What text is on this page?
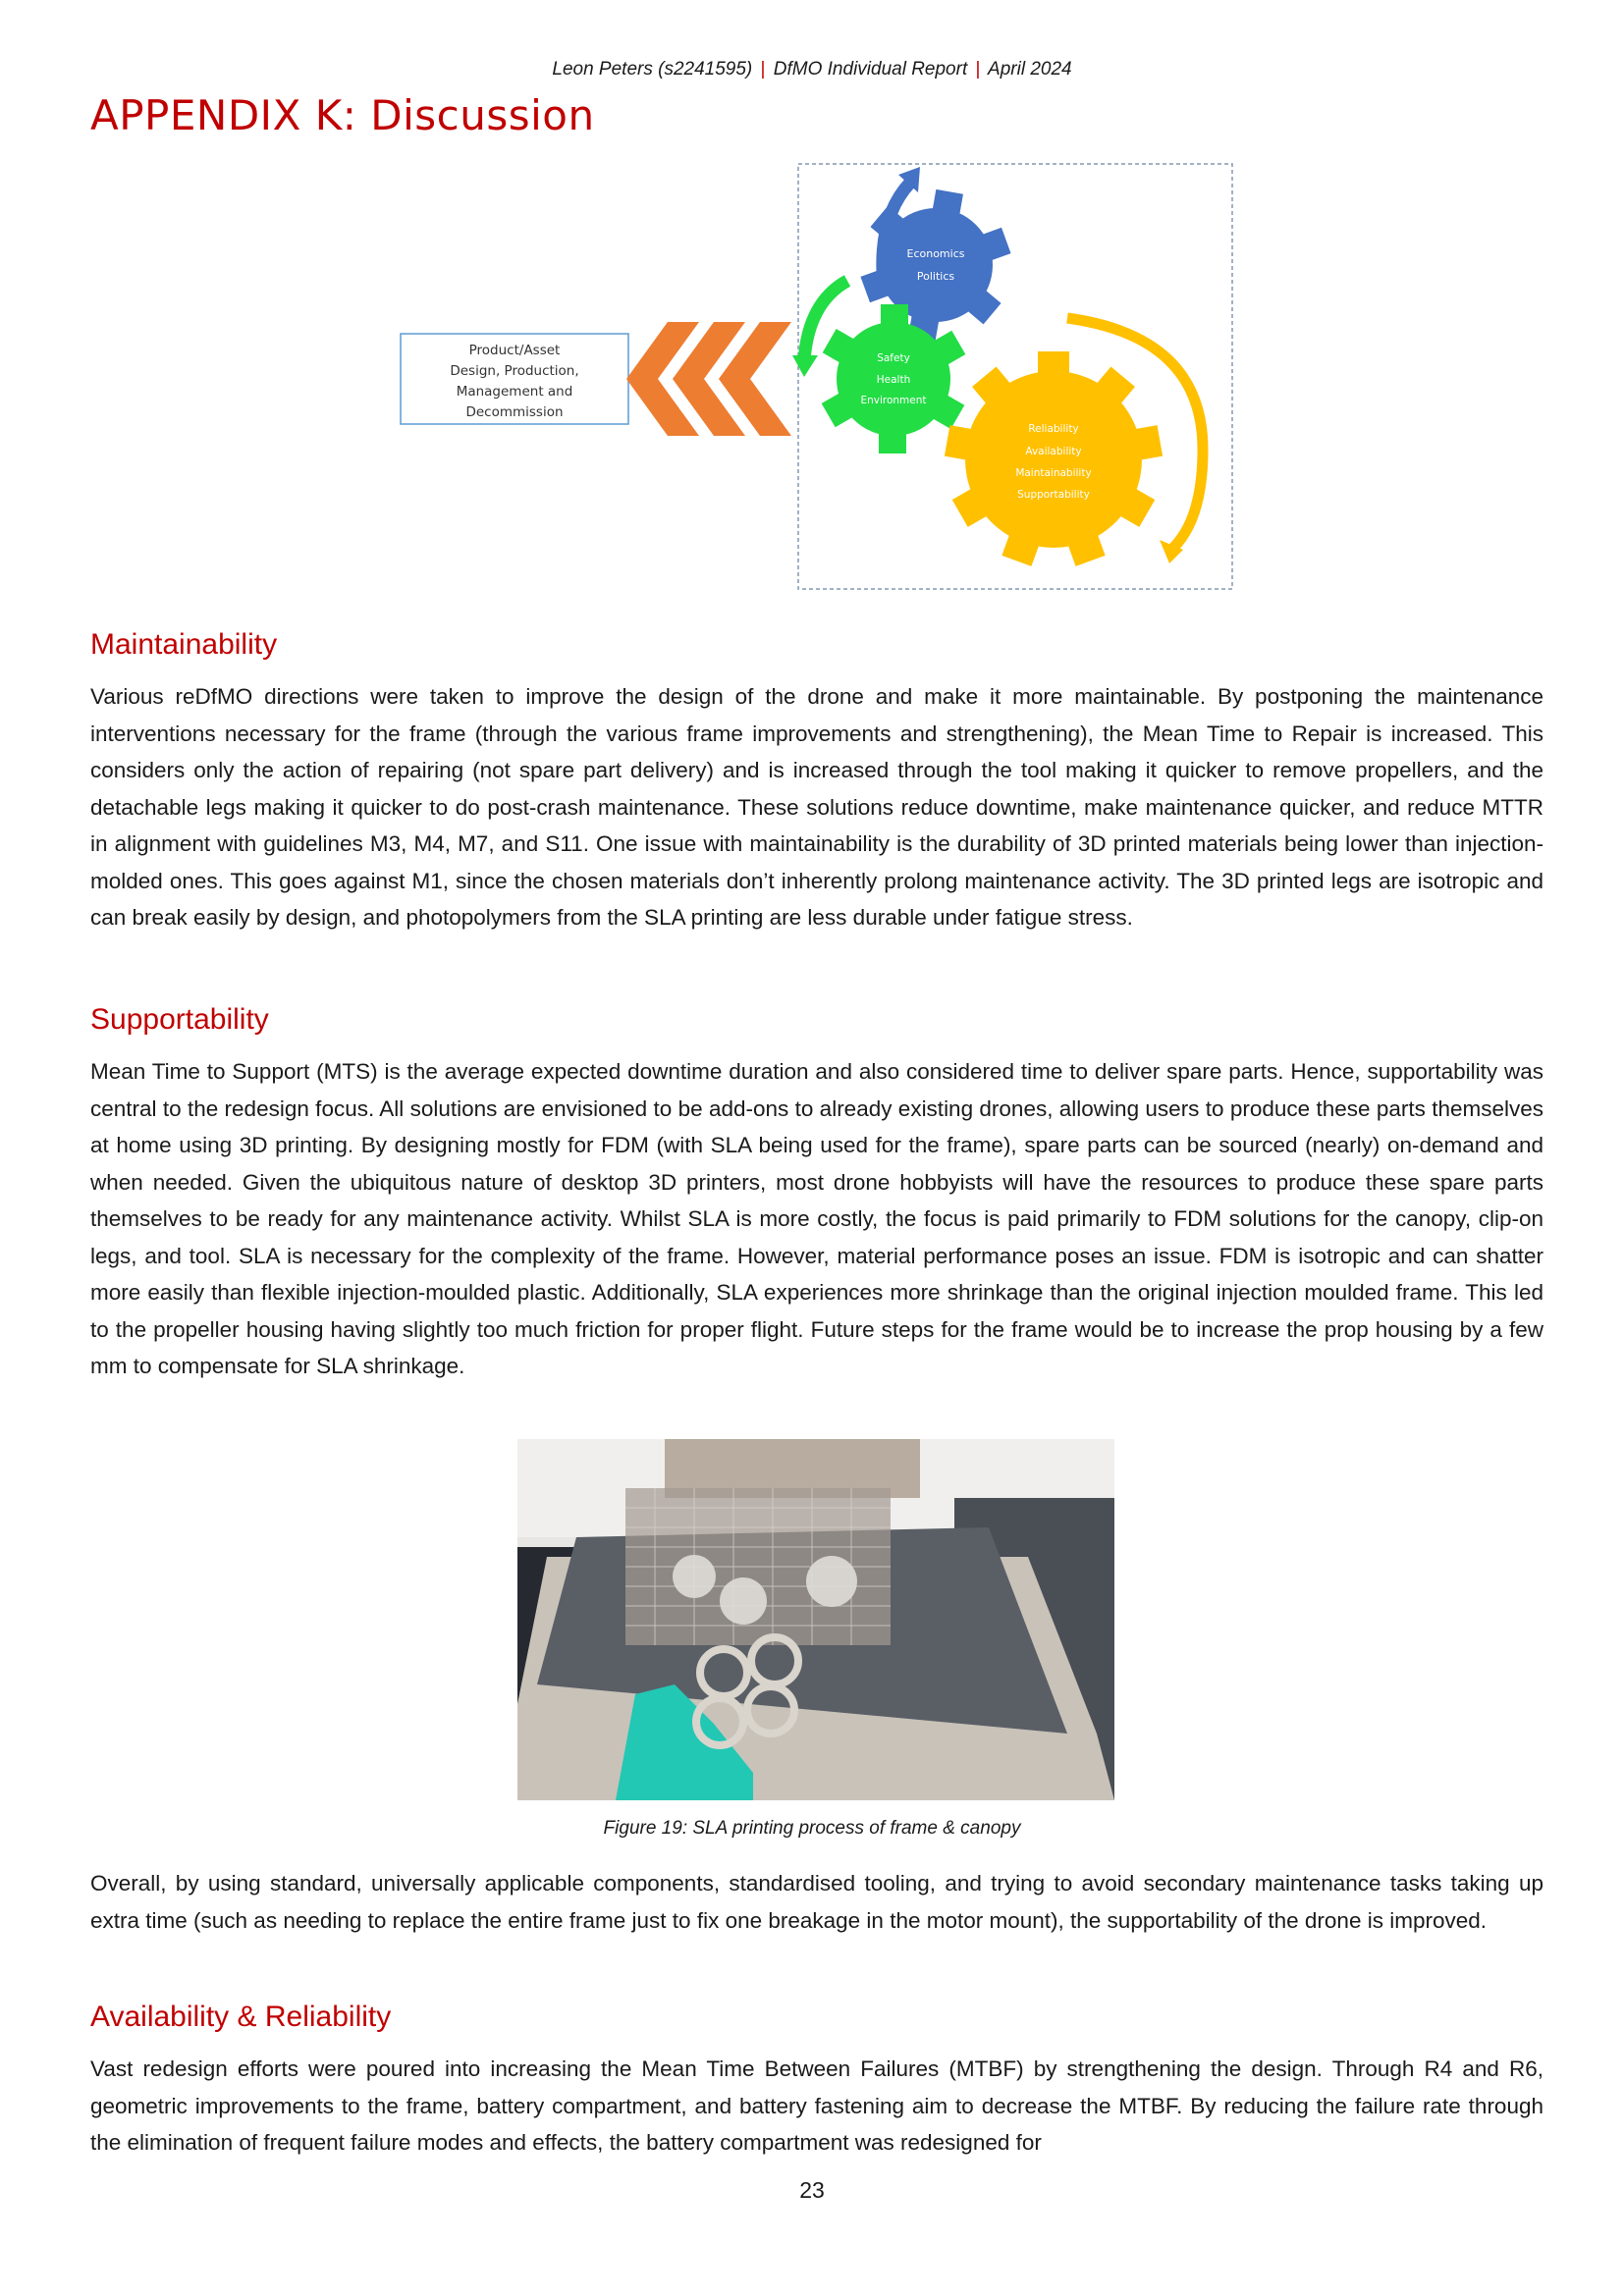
Leon Peters (s2241595) | DfMO Individual Report | April 2024
APPENDIX K: Discussion
Product/Asset
Design, Production,
Management and
Decommission
Economics
Politics
Safety
Health
Environment
Reliability
Availability
Maintainability
Supportability
Maintainability

Various reDfMO directions were taken to improve the design of the drone and make it more maintainable. By postponing the maintenance interventions necessary for the frame (through the various frame improvements and strengthening), the Mean Time to Repair is increased. This considers only the action of repairing (not spare part delivery) and is increased through the tool making it quicker to remove propellers, and the detachable legs making it quicker to do post-crash maintenance. These solutions reduce downtime, make maintenance quicker, and reduce MTTR in alignment with guidelines M3, M4, M7, and S11. One issue with maintainability is the durability of 3D printed materials being lower than injection-molded ones. This goes against M1, since the chosen materials don’t inherently prolong maintenance activity. The 3D printed legs are isotropic and can break easily by design, and photopolymers from the SLA printing are less durable under fatigue stress.

Supportability

Mean Time to Support (MTS) is the average expected downtime duration and also considered time to deliver spare parts. Hence, supportability was central to the redesign focus. All solutions are envisioned to be add-ons to already existing drones, allowing users to produce these parts themselves at home using 3D printing. By designing mostly for FDM (with SLA being used for the frame), spare parts can be sourced (nearly) on-demand and when needed. Given the ubiquitous nature of desktop 3D printers, most drone hobbyists will have the resources to produce these spare parts themselves to be ready for any maintenance activity. Whilst SLA is more costly, the focus is paid primarily to FDM solutions for the canopy, clip-on legs, and tool. SLA is necessary for the complexity of the frame. However, material performance poses an issue. FDM is isotropic and can shatter more easily than flexible injection-moulded plastic. Additionally, SLA experiences more shrinkage than the original injection moulded frame. This led to the propeller housing having slightly too much friction for proper flight. Future steps for the frame would be to increase the prop housing by a few mm to compensate for SLA shrinkage.

Figure 19: SLA printing process of frame & canopy

Overall, by using standard, universally applicable components, standardised tooling, and trying to avoid secondary maintenance tasks taking up extra time (such as needing to replace the entire frame just to fix one breakage in the motor mount), the supportability of the drone is improved.

Availability & Reliability

Vast redesign efforts were poured into increasing the Mean Time Between Failures (MTBF) by strengthening the design. Through R4 and R6, geometric improvements to the frame, battery compartment, and battery fastening aim to decrease the MTBF. By reducing the failure rate through the elimination of frequent failure modes and effects, the battery compartment was redesigned for

23
